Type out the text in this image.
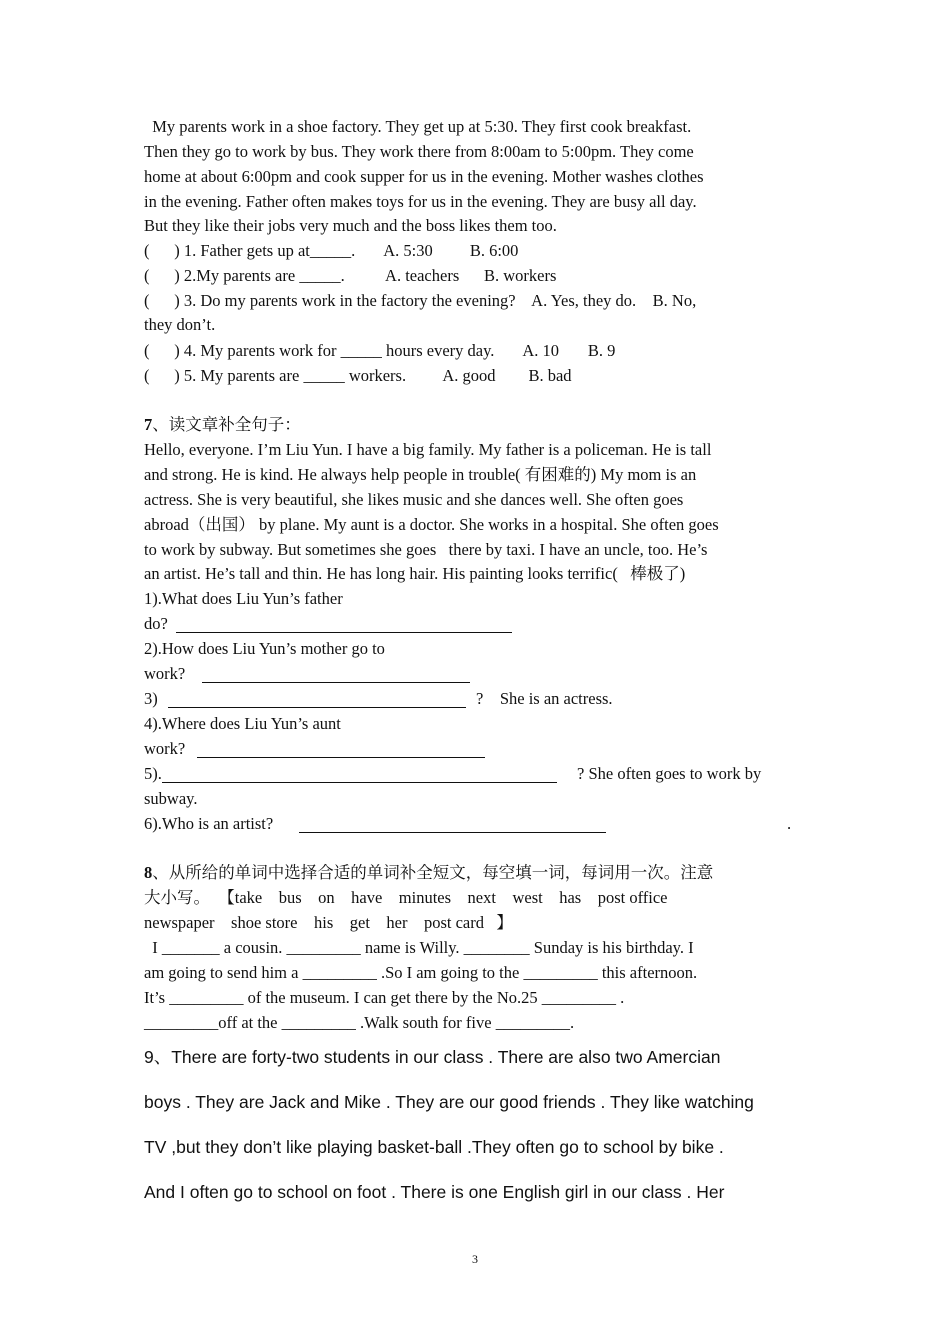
My parents work in a shoe factory. They get up at 5:30. They first cook breakfast.
Then they go to work by bus. They work there from 8:00am to 5:00pm. They come
home at about 6:00pm and cook supper for us in the evening. Mother washes clothes
in the evening. Father often makes toys for us in the evening. They are busy all day.
But they like their jobs very much and the boss likes them too.
(      ) 1. Father gets up at_____.       A. 5:30         B. 6:00
(      ) 2.My parents are _____.          A. teachers      B. workers
(      ) 3. Do my parents work in the factory the evening?    A. Yes, they do.    B. No,
they don’t.
(      ) 4. My parents work for _____ hours every day.       A. 10       B. 9
(      ) 5. My parents are _____ workers.         A. good        B. bad
7、读文章补全句子：
Hello, everyone. I’m Liu Yun. I have a big family. My father is a policeman. He is tall
and strong. He is kind. He always help people in trouble( 有困难的) My mom is an
actress. She is very beautiful, she likes music and she dances well. She often goes
abroad（出国） by plane. My aunt is a doctor. She works in a hospital. She often goes
to work by subway. But sometimes she goes   there by taxi. I have an uncle, too. He’s
an artist. He’s tall and thin. He has long hair. His painting looks terrific(   棒极了)
1).What does Liu Yun’s father
do?
2).How does Liu Yun’s mother go to
work?
3)	?    She is an actress.
4).Where does Liu Yun’s aunt
work?
5).	? She often goes to work by
subway.
6).Who is an artist?	.
8、从所给的单词中选择合适的单词补全短文，每空填一词，每词用一次。注意
大小写。  【take    bus    on    have    minutes    next    west    has    post office
newspaper    shoe store    his    get    her    post card   】
I _______ a cousin. _________ name is Willy. ________ Sunday is his birthday. I
am going to send him a _________ .So I am going to the _________ this afternoon.
It’s _________ of the museum. I can get there by the No.25 _________ .
_________off at the _________ .Walk south for five _________.
9、There are forty-two students in our class . There are also two Amercian
boys . They are Jack and Mike . They are our good friends . They like watching
TV ,but they don’t like playing basket-ball .They often go to school by bike .
And I often go to school on foot . There is one English girl in our class . Her
3
